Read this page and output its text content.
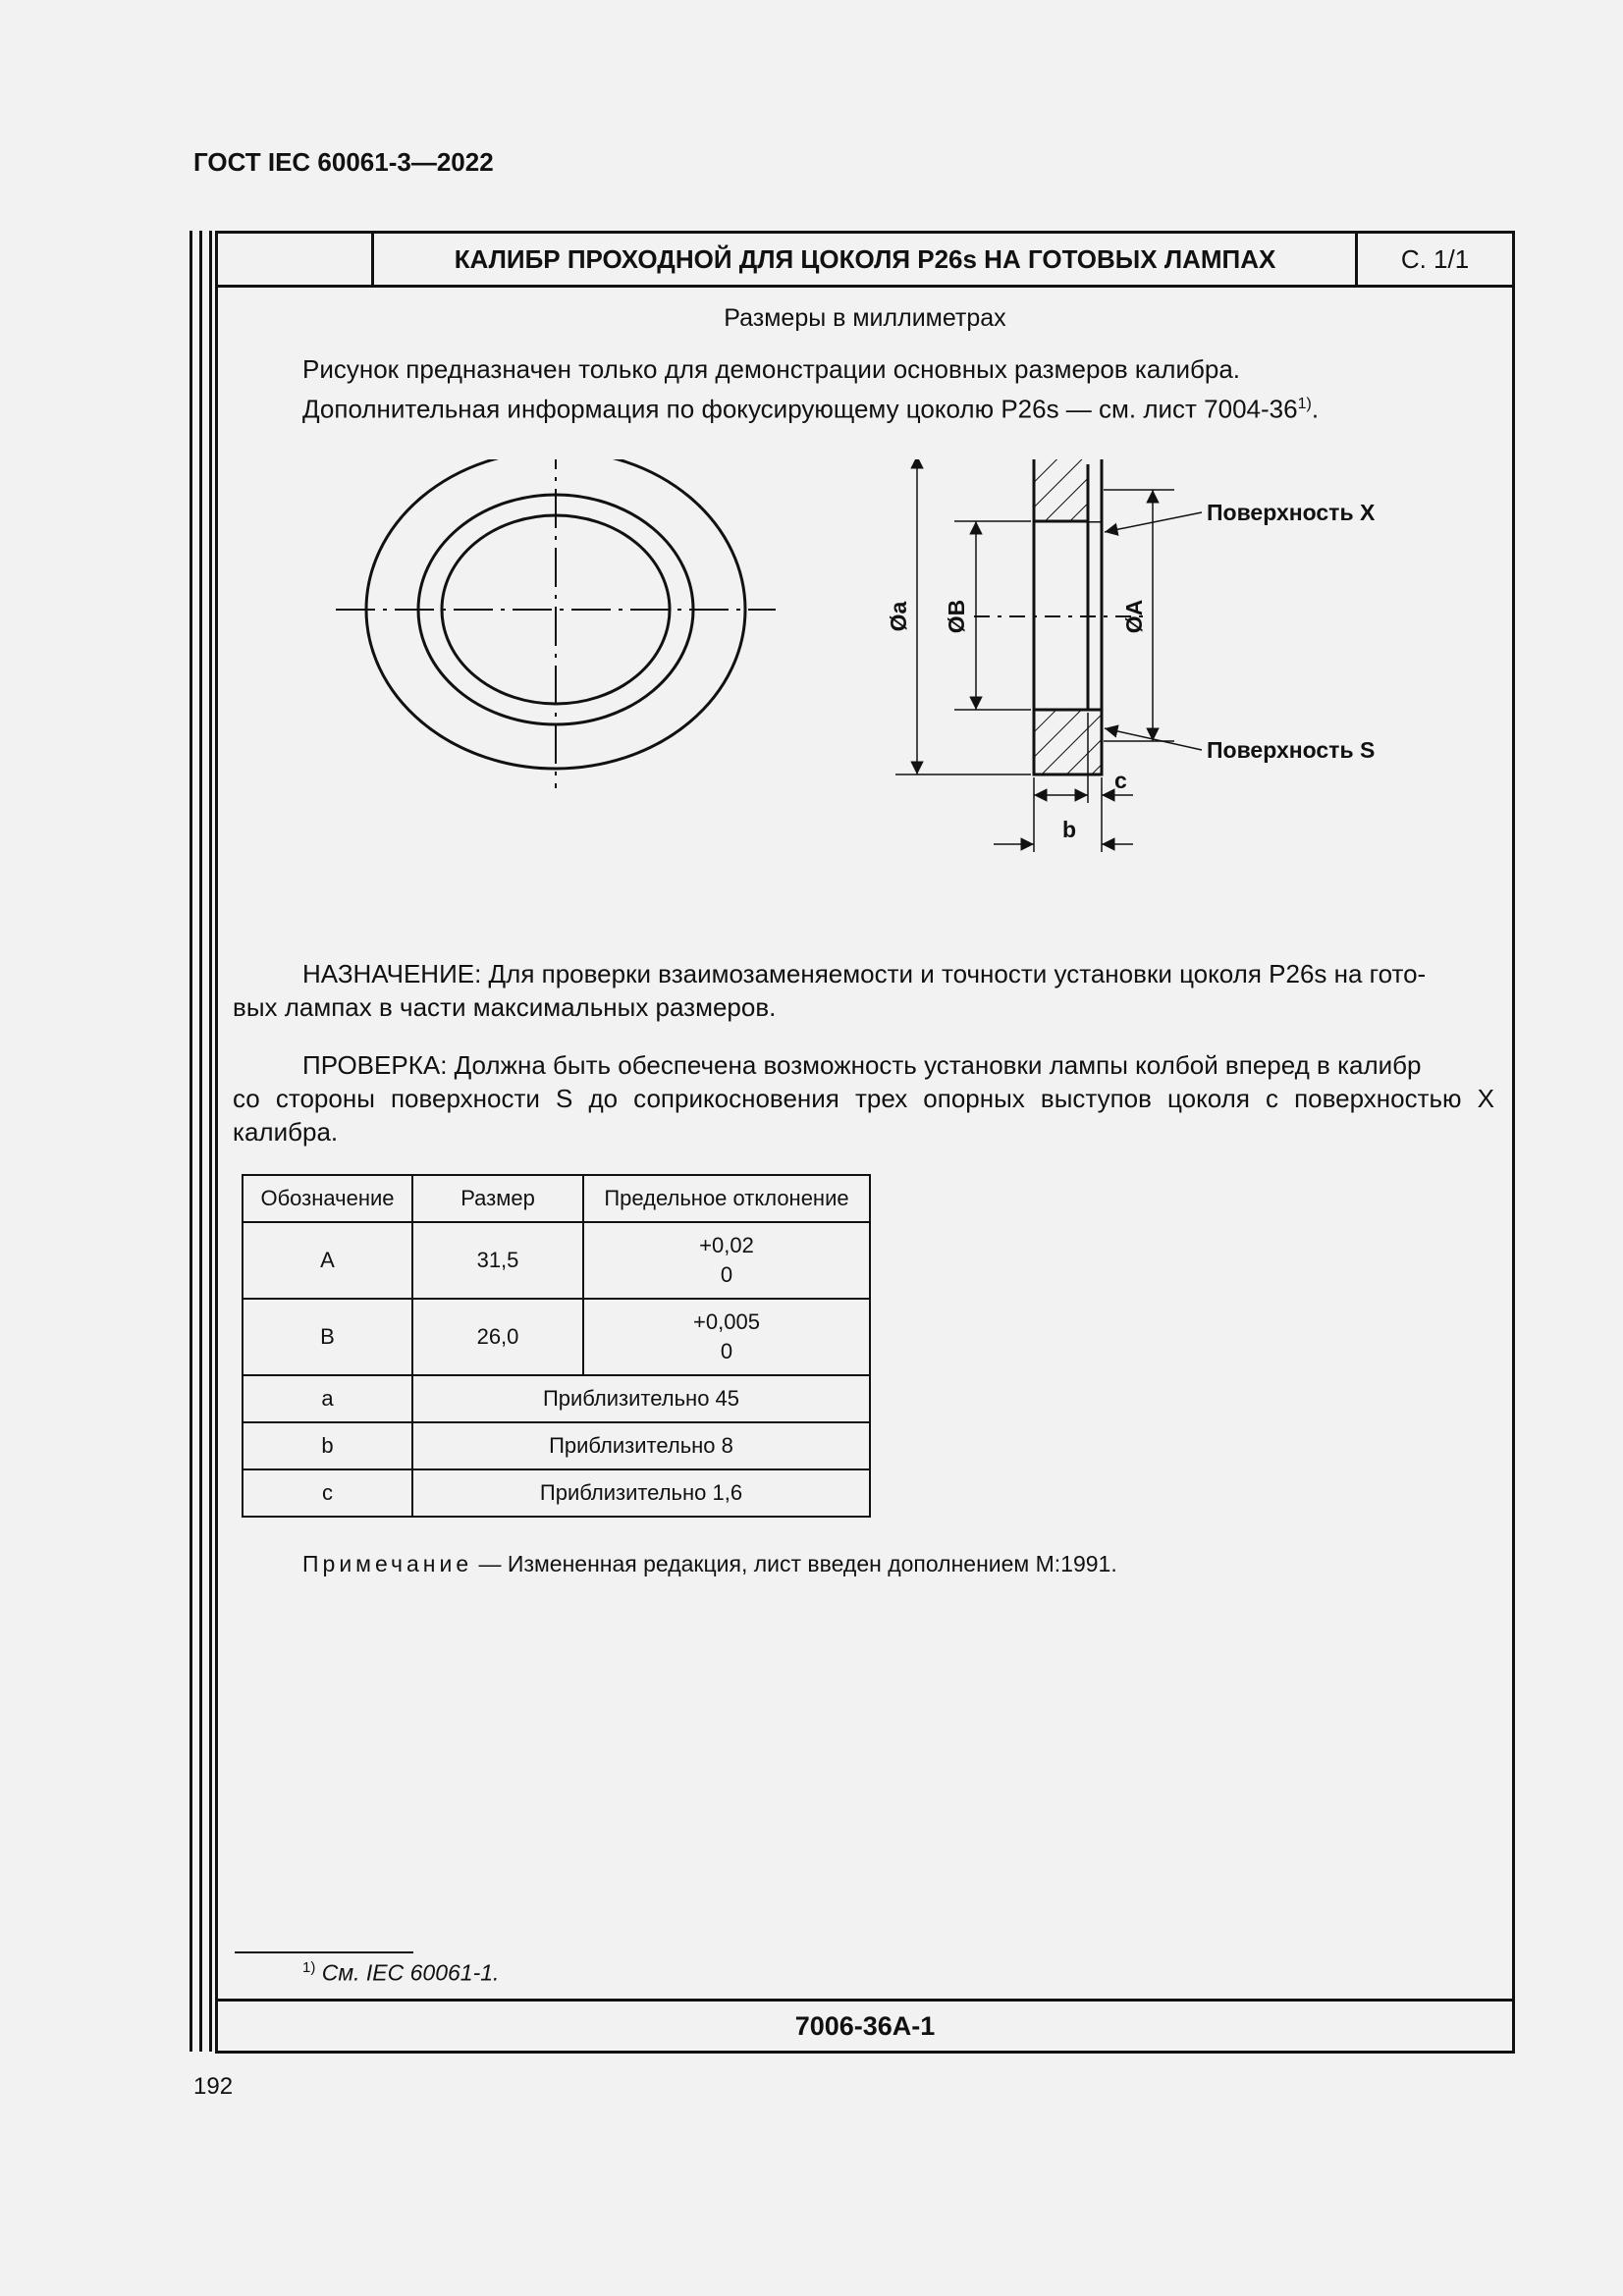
ГОСТ IEC 60061-3—2022
КАЛИБР ПРОХОДНОЙ ДЛЯ ЦОКОЛЯ P26s НА ГОТОВЫХ ЛАМПАХ	С. 1/1
Размеры в миллиметрах
Рисунок предназначен только для демонстрации основных размеров калибра.
Дополнительная информация по фокусирующему цоколю P26s — см. лист 7004-36$^{1)}$.
Øa ØB	ØA
Поверхность X
Поверхность S
c
b
НАЗНАЧЕНИЕ: Для проверки взаимозаменяемости и точности установки цоколя P26s на гото-
вых лампах в части максимальных размеров.
ПРОВЕРКА: Должна быть обеспечена возможность установки лампы колбой вперед в калибр
со стороны поверхности S до соприкосновения трех опорных выступов цоколя с поверхностью X калибра.
Обозначение	Размер	Предельное отклонение
A	31,5	+0,02
0

B	26,0	+0,005
0

a	Приблизительно 45	
b	Приблизительно 8	
c	Приблизительно 1,6	
Примечание — Измененная редакция, лист введен дополнением М:1991.
$^{1)}$ См. IEC 60061-1.
7006-36A-1
192
